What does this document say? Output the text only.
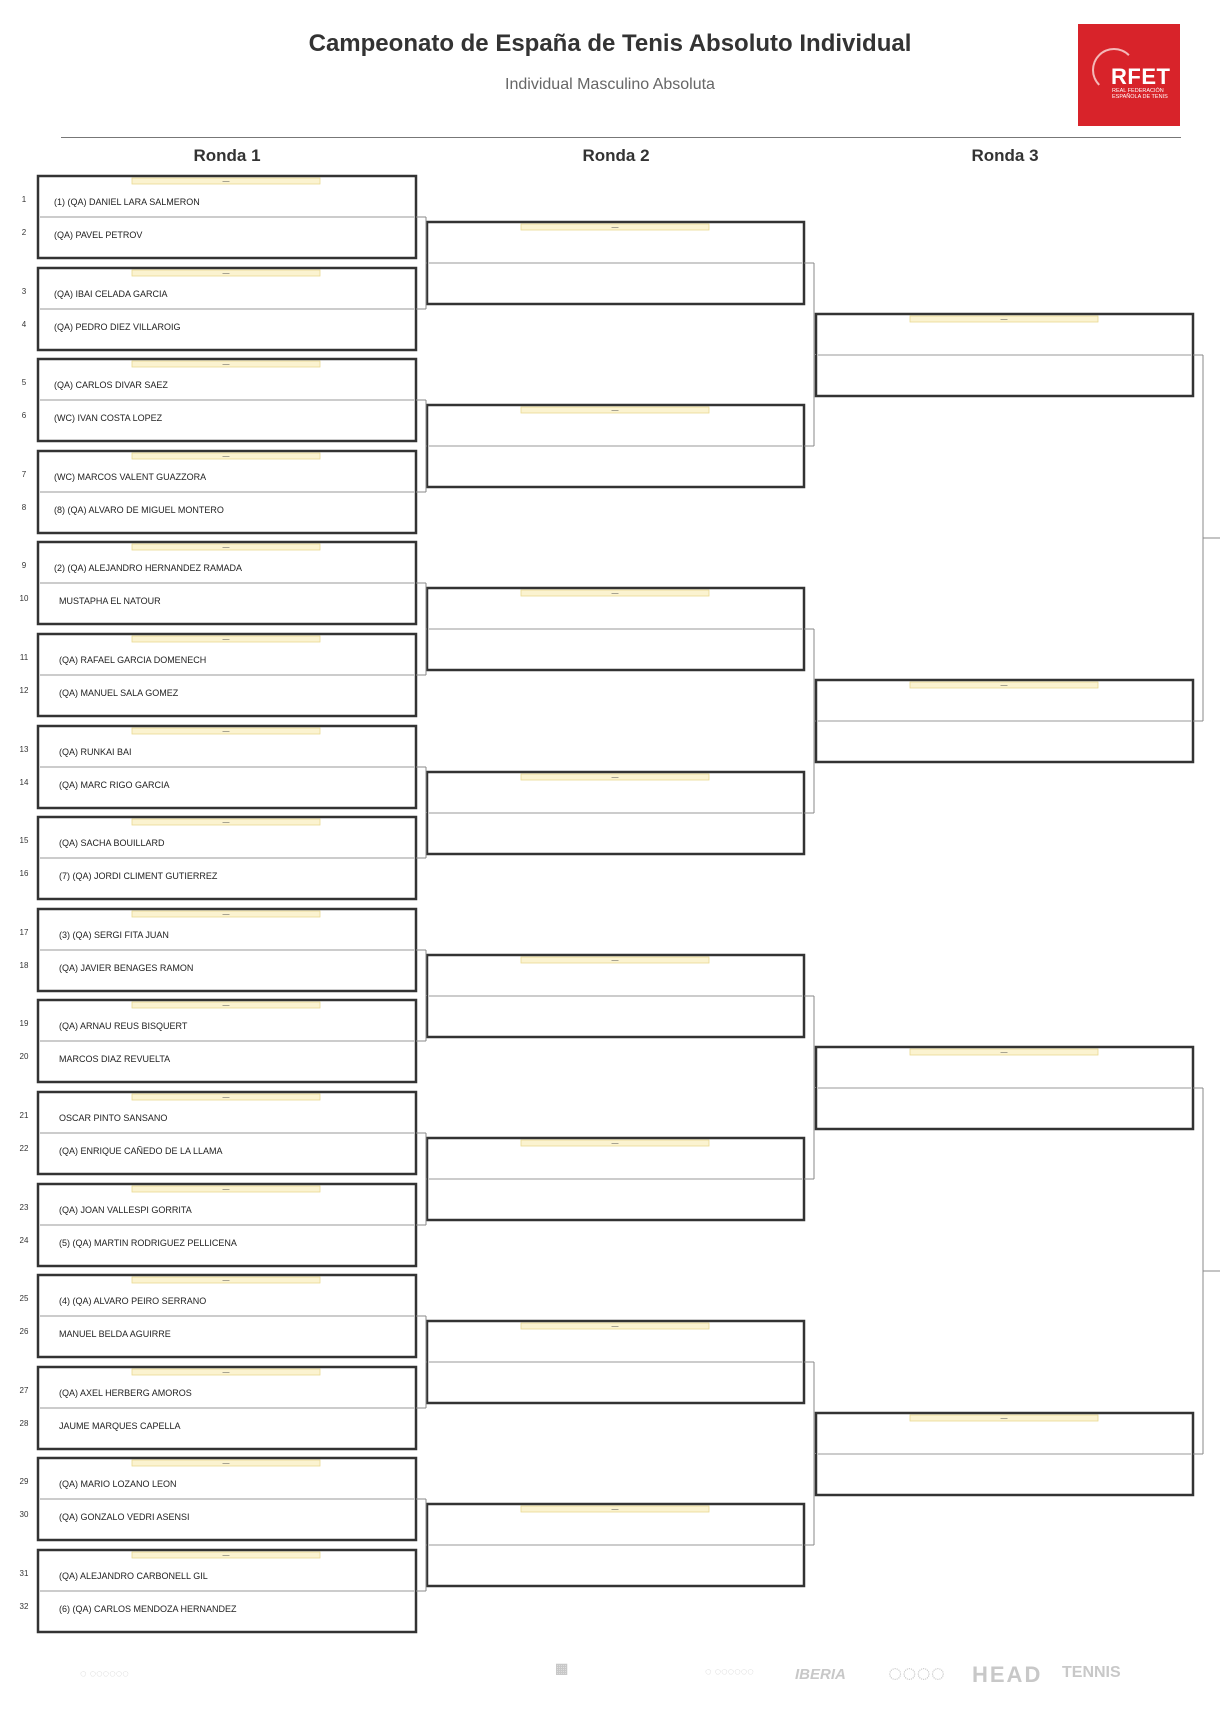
Campeonato de España de Tenis Absoluto Individual

Individual Masculino Absoluta	RFET
REAL FEDERACIÓN
ESPAÑOLA DE TENIS
Ronda 1	Ronda 2	Ronda 3
—
—
—
—
—
—
—
—
—
—
—
—
—
—
—
—
—
—
—
—
—
—
—
—
—
—
—
—
1	(1) (QA) DANIEL LARA SALMERON
2	(QA) PAVEL PETROV
3	(QA) IBAI CELADA GARCIA
4	(QA) PEDRO DIEZ VILLAROIG
5	(QA) CARLOS DIVAR SAEZ
6	(WC) IVAN COSTA LOPEZ
7	(WC) MARCOS VALENT GUAZZORA
8	(8) (QA) ALVARO DE MIGUEL MONTERO
9	(2) (QA) ALEJANDRO HERNANDEZ RAMADA
10	MUSTAPHA EL NATOUR
11	(QA) RAFAEL GARCIA DOMENECH
12	(QA) MANUEL SALA GOMEZ
13	(QA) RUNKAI BAI
14	(QA) MARC RIGO GARCIA
15	(QA) SACHA BOUILLARD
16	(7) (QA) JORDI CLIMENT GUTIERREZ
17	(3) (QA) SERGI FITA JUAN
18	(QA) JAVIER BENAGES RAMON
19	(QA) ARNAU REUS BISQUERT
20	MARCOS DIAZ REVUELTA
21	OSCAR PINTO SANSANO
22	(QA) ENRIQUE CAÑEDO DE LA LLAMA
23	(QA) JOAN VALLESPI GORRITA
24	(5) (QA) MARTIN RODRIGUEZ PELLICENA
25	(4) (QA) ALVARO PEIRO SERRANO
26	MANUEL BELDA AGUIRRE
27	(QA) AXEL HERBERG AMOROS
28	JAUME MARQUES CAPELLA
29	(QA) MARIO LOZANO LEON
30	(QA) GONZALO VEDRI ASENSI
31	(QA) ALEJANDRO CARBONELL GIL
32	(6) (QA) CARLOS MENDOZA HERNANDEZ
◌ ◌◌◌◌◌◌	▦	◌ ◌◌◌◌◌◌	IBERIA ◌◌◌◌ HEAD TENNIS
